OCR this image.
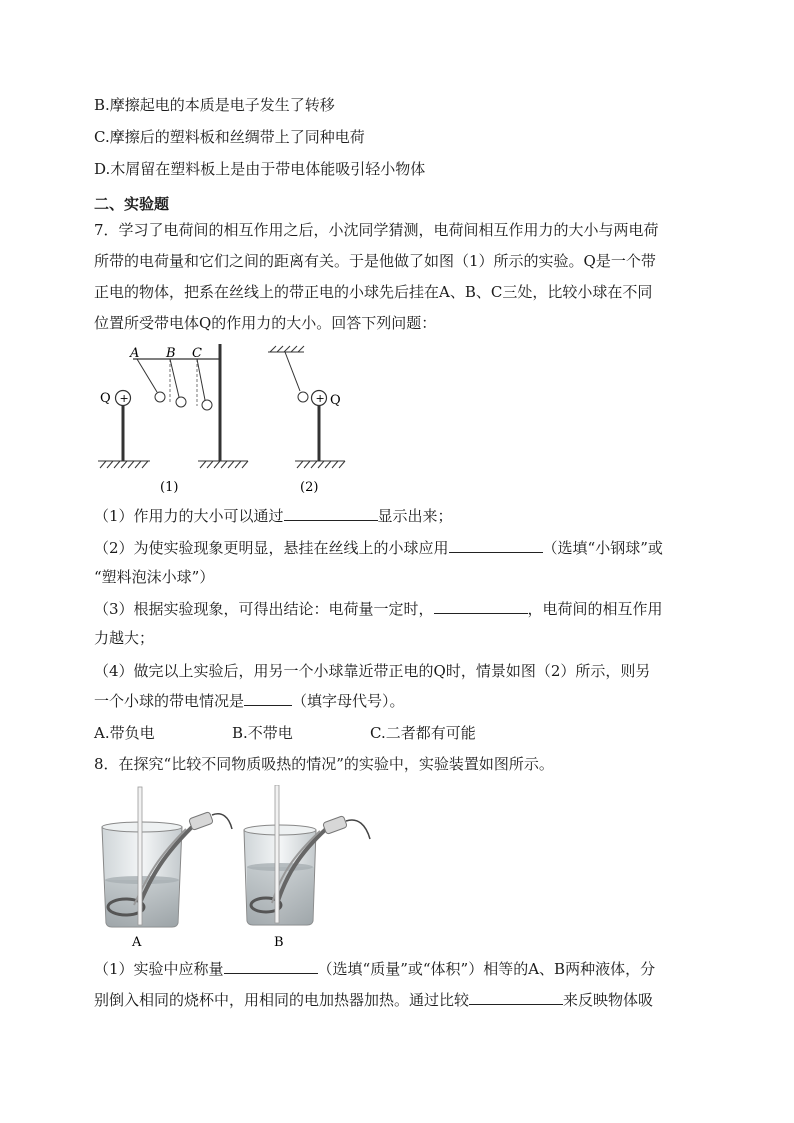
B.摩擦起电的本质是电子发生了转移
C.摩擦后的塑料板和丝绸带上了同种电荷
D.木屑留在塑料板上是由于带电体能吸引轻小物体
二、实验题
7．学习了电荷间的相互作用之后，小沈同学猜测，电荷间相互作用力的大小与两电荷
所带的电荷量和它们之间的距离有关。于是他做了如图（1）所示的实验。Q是一个带
正电的物体，把系在丝线上的带正电的小球先后挂在A、B、C三处，比较小球在不同
位置所受带电体Q的作用力的大小。回答下列问题：
+
Q
A B C
+ Q
(1)	(2)
（1）作用力的大小可以通过	显示出来；
（2）为使实验现象更明显，悬挂在丝线上的小球应用	（选填“小钢球”或
“塑料泡沫小球”）
（3）根据实验现象，可得出结论：电荷量一定时，	，电荷间的相互作用
力越大；
（4）做完以上实验后，用另一个小球靠近带正电的Q时，情景如图（2）所示，则另
一个小球的带电情况是	（填字母代号）。
A.带负电	B.不带电	C.二者都有可能
8．在探究“比较不同物质吸热的情况”的实验中，实验装置如图所示。
A	B
（1）实验中应称量	（选填“质量”或“体积”）相等的A、B两种液体，分
别倒入相同的烧杯中，用相同的电加热器加热。通过比较	来反映物体吸
